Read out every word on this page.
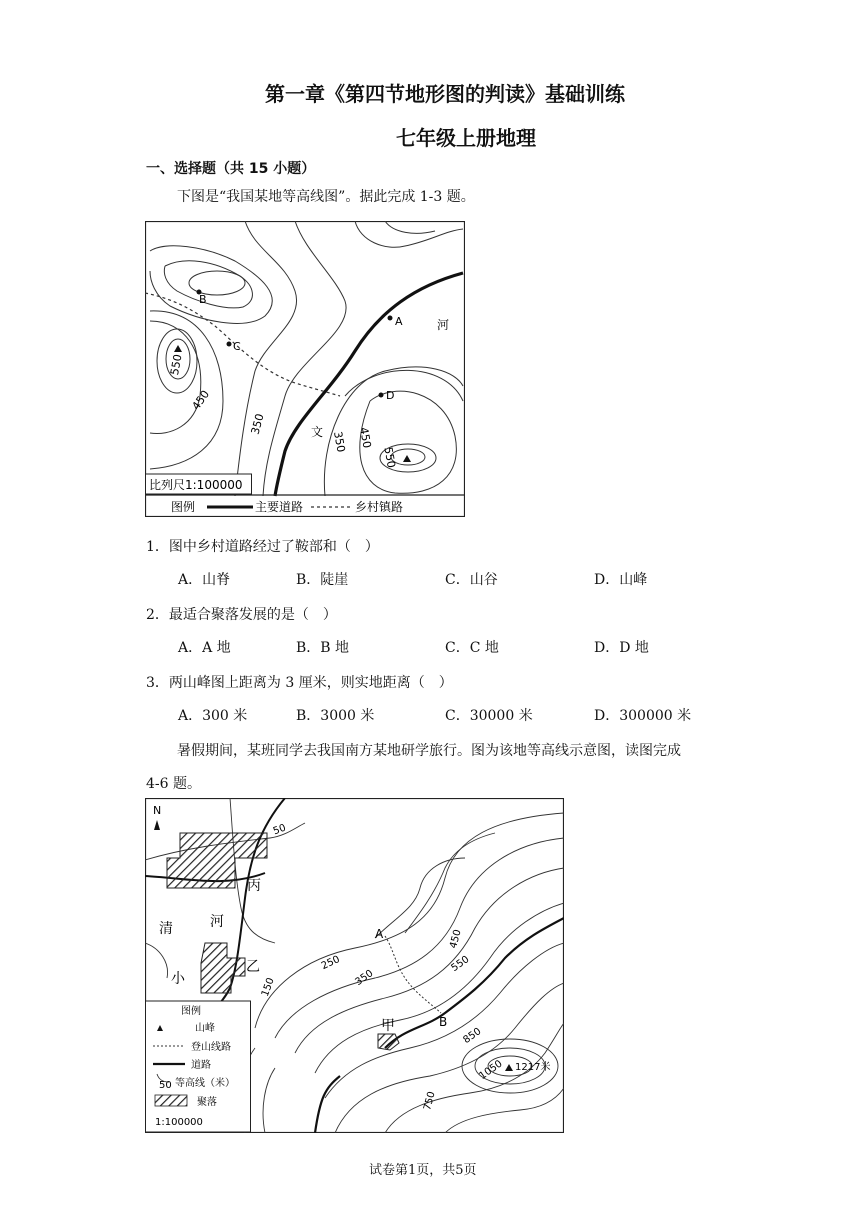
第一章《第四节地形图的判读》基础训练
七年级上册地理
一、选择题（共 15 小题）
下图是“我国某地等高线图”。据此完成 1-3 题。
B
A
C
D
550
450
350
350 450
550
河
文
比列尺1:100000
图例	主要道路	乡村镇路
1．图中乡村道路经过了鞍部和（　）
A．山脊	B．陡崖	C．山谷	D．山峰
2．最适合聚落发展的是（　）
A．A 地	B．B 地	C．C 地	D．D 地
3．两山峰图上距离为 3 厘米，则实地距离（　）
A．300 米	B．3000 米	C．30000 米	D．300000 米
暑假期间，某班同学去我国南方某地研学旅行。图为该地等高线示意图，读图完成
4-6 题。
N
丙
乙
甲
清	河
小
A
B
50
250
350
450
550
150
850
1050
750
1217米
图例
山峰
登山线路
道路
50 等高线（米）
聚落
1:100000
试卷第1页，共5页
